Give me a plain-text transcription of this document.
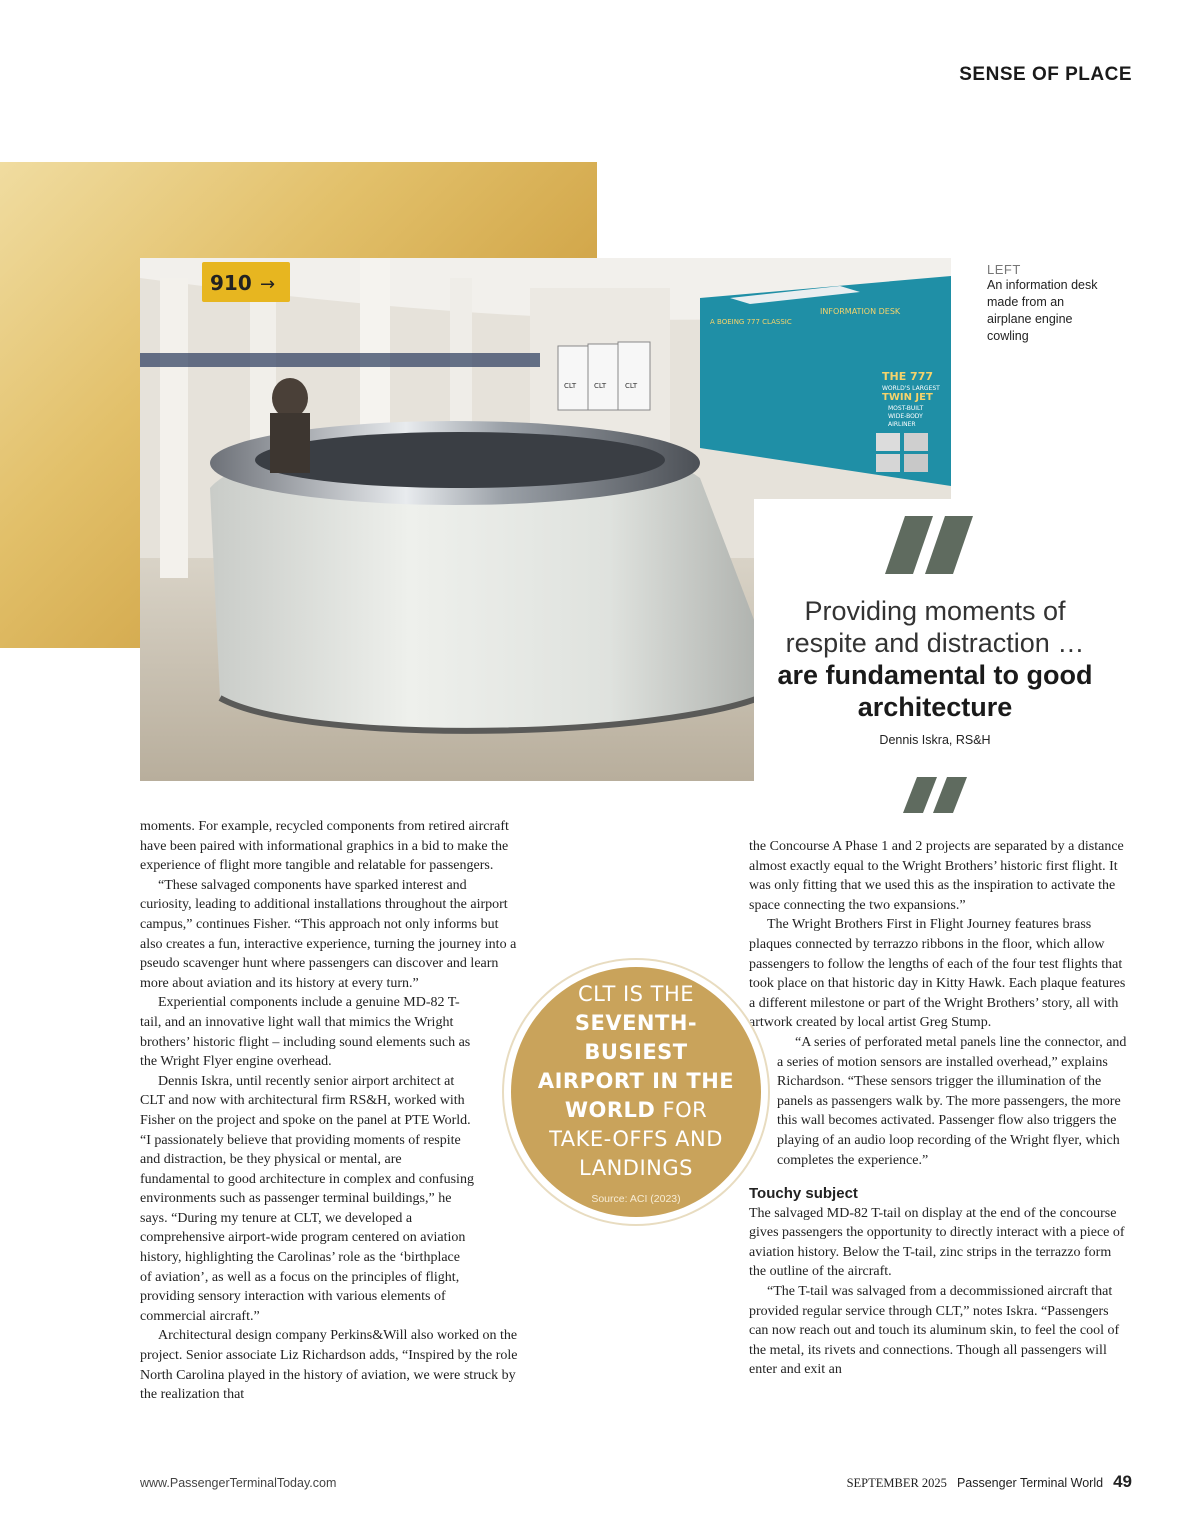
SENSE OF PLACE
910 →
CLT	CLT	CLT
A BOEING 777 CLASSIC
INFORMATION DESK
THE 777
WORLD'S LARGEST
TWIN JET
MOST-BUILT
WIDE-BODY
AIRLINER
LEFT
An information desk made from an airplane engine cowling
Providing moments of respite and distraction … are fundamental to good architecture
Dennis Iskra, RS&H

moments. For example, recycled components from retired aircraft have been paired with informational graphics in a bid to make the experience of flight more tangible and relatable for passengers.

“These salvaged components have sparked interest and curiosity, leading to additional installations throughout the airport campus,” continues Fisher. “This approach not only informs but also creates a fun, interactive experience, turning the journey into a pseudo scavenger hunt where passengers can discover and learn more about aviation and its history at every turn.”

Experiential components include a genuine MD-82 T-tail, and an innovative light wall that mimics the Wright brothers’ historic flight – including sound elements such as the Wright Flyer engine overhead.

Dennis Iskra, until recently senior airport architect at CLT and now with architectural firm RS&H, worked with Fisher on the project and spoke on the panel at PTE World. “I passionately believe that providing moments of respite and distraction, be they physical or mental, are fundamental to good architecture in complex and confusing environments such as passenger terminal buildings,” he says. “During my tenure at CLT, we developed a comprehensive airport-wide program centered on aviation history, highlighting the Carolinas’ role as the ‘birthplace of aviation’, as well as a focus on the principles of flight, providing sensory interaction with various elements of commercial aircraft.”

Architectural design company Perkins&Will also worked on the project. Senior associate Liz Richardson adds, “Inspired by the role North Carolina played in the history of aviation, we were struck by the realization that

the Concourse A Phase 1 and 2 projects are separated by a distance almost exactly equal to the Wright Brothers’ historic first flight. It was only fitting that we used this as the inspiration to activate the space connecting the two expansions.”

The Wright Brothers First in Flight Journey features brass plaques connected by terrazzo ribbons in the floor, which allow passengers to follow the lengths of each of the four test flights that took place on that historic day in Kitty Hawk. Each plaque features a different milestone or part of the Wright Brothers’ story, all with artwork created by local artist Greg Stump.

“A series of perforated metal panels line the connector, and a series of motion sensors are installed overhead,” explains Richardson. “These sensors trigger the illumination of the panels as passengers walk by. The more passengers, the more this wall becomes activated. Passenger flow also triggers the playing of an audio loop recording of the Wright flyer, which completes the experience.”

Touchy subject

The salvaged MD-82 T-tail on display at the end of the concourse gives passengers the opportunity to directly interact with a piece of aviation history. Below the T-tail, zinc strips in the terrazzo form the outline of the aircraft.

“The T-tail was salvaged from a decommissioned aircraft that provided regular service through CLT,” notes Iskra. “Passengers can now reach out and touch its aluminum skin, to feel the cool of the metal, its rivets and connections. Though all passengers will enter and exit an

CLT IS THE
SEVENTH-BUSIEST AIRPORT IN THE WORLD FOR TAKE-OFFS AND LANDINGS
Source: ACI (2023)
www.PassengerTerminalToday.com	SEPTEMBER 2025 Passenger Terminal World 49
